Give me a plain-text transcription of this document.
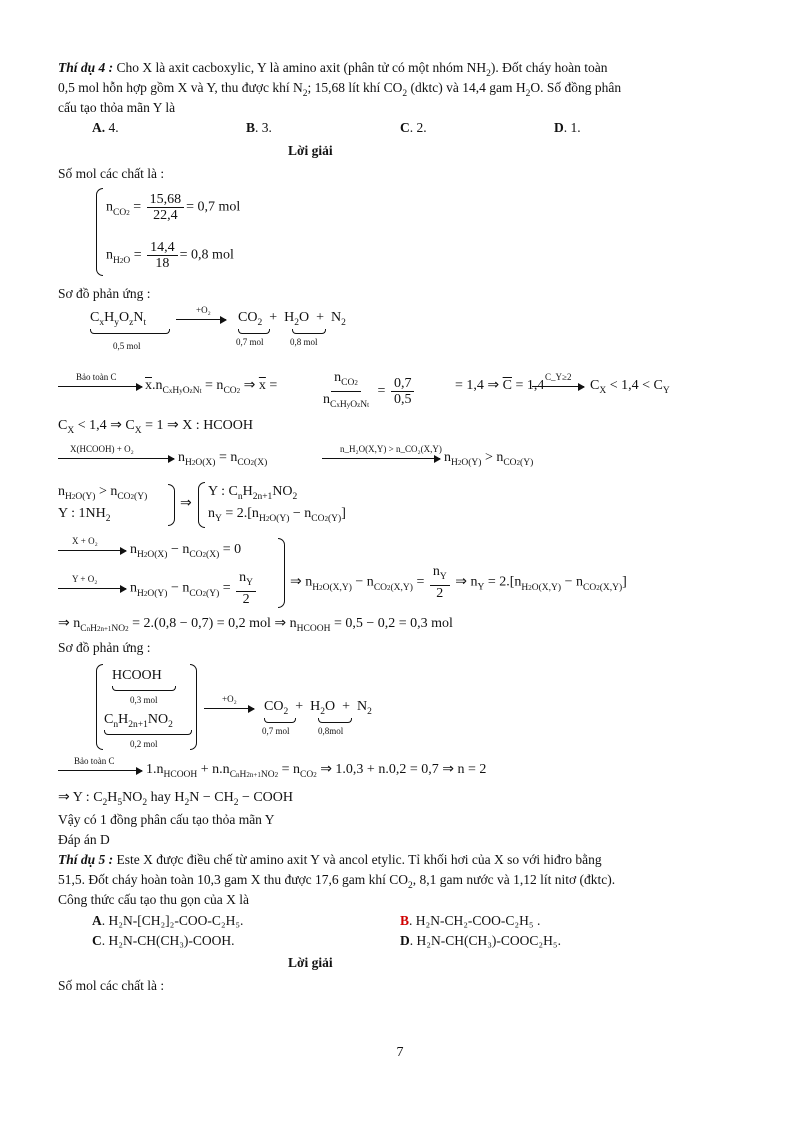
Thí dụ 4 : Cho X là axit cacboxylic, Y là amino axit (phân tử có một nhóm $NH_2$). Đốt cháy hoàn toàn
0,5 mol hỗn hợp gồm X và Y, thu được khí $N_2$; 15,68 lít khí $CO_2$ (dktc) và 14,4 gam $H_2O$. Số đồng phân
cấu tạo thỏa mãn Y là
A. 4.	B. 3.	C. 2.	D. 1.
Lời giải
Số mol các chất là :
$n_{CO2} = \frac{15,68}{22,4} = 0,7$ mol
$n_{H2O} = \frac{14,4}{18} = 0,8$ mol
Sơ đồ phản ứng :
$C_xH_yO_zN_t$
0,5 mol
$+O_2 \to CO_2 + H_2O + N_2$
0,7 mol	0,8 mol
Bảo toàn C
$\overline{x}.n_{CxHyOzNt} = n_{CO2}$ ⇒ $\overline{x}$ =	$\frac{n_{CO2}}{n_{CxHyOzNt}} = \frac{0,7}{0,5}$	= 1,4 ⇒ $\overline{C} = 1,4$
C_Y≥2
$C_X < 1,4 < C_Y$
$C_X < 1,4$ ⇒ $C_X = 1$ ⇒ X : HCOOH
X(HCOOH) + O₂
$n_{H2O(X)} = n_{CO2(X)}$
n_H₂O(X,Y) > n_CO₂(X,Y)
$n_{H2O(Y)} > n_{CO2(Y)}$
$n_{H2O(Y)} > n_{CO2(Y)}$
Y : $1NH_2$
⇒
Y : $C_nH_{2n+1}NO_2$
$n_Y = 2.[n_{H2O(Y)} - n_{CO2(Y)}]$
X + O₂
$n_{H2O(X)} - n_{CO2(X)} = 0$
Y + O₂
$n_{H2O(Y)} - n_{CO2(Y)} = \frac{n_Y}{2}$ ⇒ $n_{H2O(X,Y)} - n_{CO2(X,Y)} = \frac{n_Y}{2}$ ⇒ $n_Y = 2.[n_{H2O(X,Y)} - n_{CO2(X,Y)}]$
⇒ $n_{CnH2n+1NO2} = 2.(0,8 - 0,7) = 0,2$ mol ⇒ $n_{HCOOH} = 0,5 - 0,2 = 0,3$ mol
Sơ đồ phản ứng :
HCOOH
0,3 mol
$C_nH_{2n+1}NO_2$
0,2 mol
+O₂ $CO_2 + H_2O + N_2$
0,7 mol	0,8mol
Bảo toàn C
$1.n_{HCOOH} + n.n_{CnH2n+1NO2} = n_{CO2}$ ⇒ 1.0,3 + n.0,2 = 0,7 ⇒ n = 2
⇒ Y : $C_2H_5NO_2$ hay $H_2N - CH_2$ − COOH
Vậy có 1 đồng phân cấu tạo thỏa mãn Y
Đáp án D
Thí dụ 5 : Este X được điều chế từ amino axit Y và ancol etylic. Tỉ khối hơi của X so với hiđro bằng
51,5. Đốt cháy hoàn toàn 10,3 gam X thu được 17,6 gam khí $CO_2$, 8,1 gam nước và 1,12 lít nitơ (đktc).
Công thức cấu tạo thu gọn của X là
A. H₂N-[CH₂]₂-COO-C₂H₅.	B. H₂N-CH₂-COO-C₂H₅ .
C. H₂N-CH(CH₃)-COOH.	D. H₂N-CH(CH₃)-COOC₂H₅.
Lời giải
Số mol các chất là :
7
